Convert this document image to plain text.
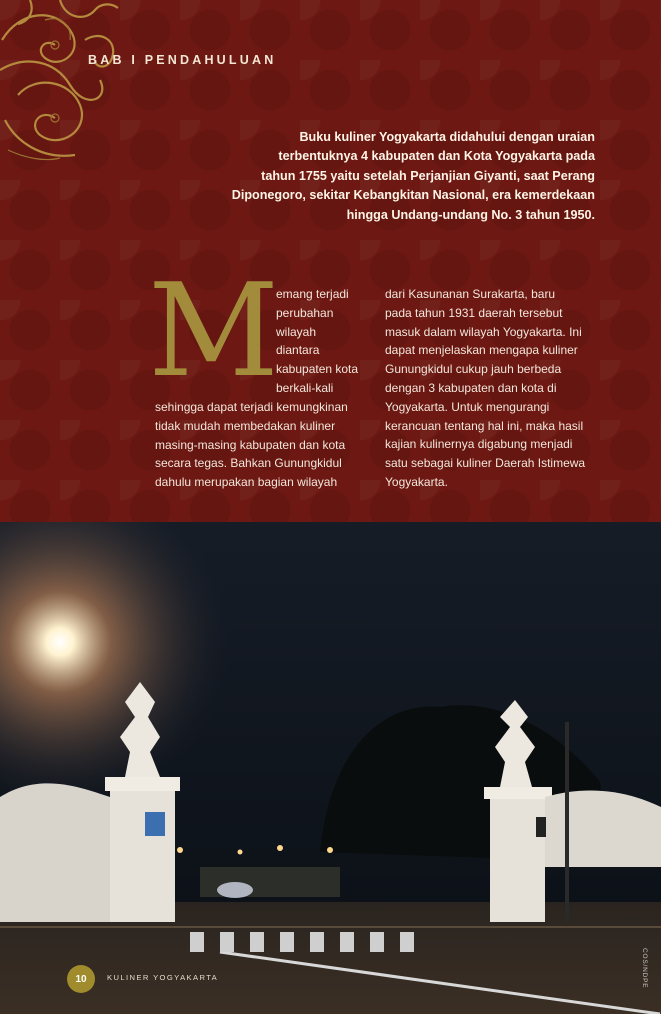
BAB I PENDAHULUAN
Buku kuliner Yogyakarta didahului dengan uraian
terbentuknya 4 kabupaten dan Kota Yogyakarta pada
tahun 1755 yaitu setelah Perjanjian Giyanti, saat Perang
Diponegoro, sekitar Kebangkitan Nasional, era kemerdekaan
hingga Undang-undang No. 3 tahun 1950.
M

emang terjadi

perubahan

wilayah

diantara

kabupaten kota

berkali-kali

sehingga dapat terjadi kemungkinan

tidak mudah membedakan kuliner

masing-masing kabupaten dan kota

secara tegas. Bahkan Gunungkidul

dahulu merupakan bagian wilayah

dari Kasunanan Surakarta, baru

pada tahun 1931 daerah tersebut

masuk dalam wilayah Yogyakarta. Ini

dapat menjelaskan mengapa kuliner

Gunungkidul cukup jauh berbeda

dengan 3 kabupaten dan kota di

Yogyakarta. Untuk mengurangi

kerancuan tentang hal ini, maka hasil

kajian kulinernya digabung menjadi

satu sebagai kuliner Daerah Istimewa

Yogyakarta.

10	KULINER YOGYAKARTA	COS/NDPE
